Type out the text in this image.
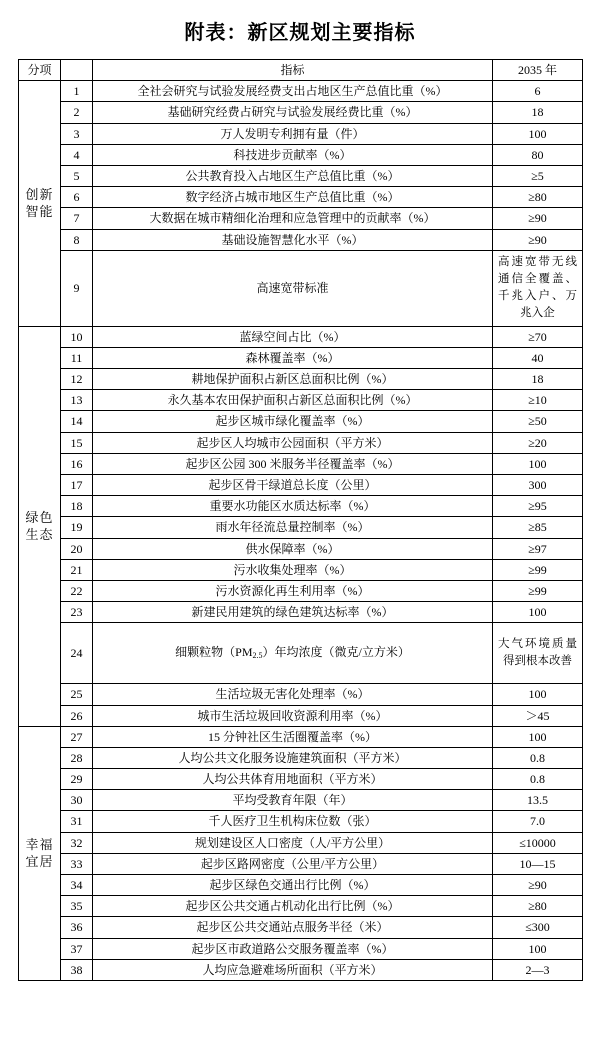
附表：新区规划主要指标
分项		指标	2035 年
创新
智能	1	全社会研究与试验发展经费支出占地区生产总值比重（%）	6
	2	基础研究经费占研究与试验发展经费比重（%）	18
	3	万人发明专利拥有量（件）	100
	4	科技进步贡献率（%）	80
	5	公共教育投入占地区生产总值比重（%）	≥5
	6	数字经济占城市地区生产总值比重（%）	≥80
	7	大数据在城市精细化治理和应急管理中的贡献率（%）	≥90
	8	基础设施智慧化水平（%）	≥90
	9	高速宽带标准	高速宽带无线通信全覆盖、千兆入户、万兆入企
绿色
生态	10	蓝绿空间占比（%）	≥70
	11	森林覆盖率（%）	40
	12	耕地保护面积占新区总面积比例（%）	18
	13	永久基本农田保护面积占新区总面积比例（%）	≥10
	14	起步区城市绿化覆盖率（%）	≥50
	15	起步区人均城市公园面积（平方米）	≥20
	16	起步区公园 300 米服务半径覆盖率（%）	100
	17	起步区骨干绿道总长度（公里）	300
	18	重要水功能区水质达标率（%）	≥95
	19	雨水年径流总量控制率（%）	≥85
	20	供水保障率（%）	≥97
	21	污水收集处理率（%）	≥99
	22	污水资源化再生利用率（%）	≥99
	23	新建民用建筑的绿色建筑达标率（%）	100
	24	细颗粒物$(PM_{2.5})$年均浓度（微克/立方米）	大气环境质量得到根本改善
	25	生活垃圾无害化处理率（%）	100
	26	城市生活垃圾回收资源利用率（%）	＞45
幸福
宜居	27	15 分钟社区生活圈覆盖率（%）	100
	28	人均公共文化服务设施建筑面积（平方米）	0.8
	29	人均公共体育用地面积（平方米）	0.8
	30	平均受教育年限（年）	13.5
	31	千人医疗卫生机构床位数（张）	7.0
	32	规划建设区人口密度（人/平方公里）	≤10000
	33	起步区路网密度（公里/平方公里）	10—15
	34	起步区绿色交通出行比例（%）	≥90
	35	起步区公共交通占机动化出行比例（%）	≥80
	36	起步区公共交通站点服务半径（米）	≤300
	37	起步区市政道路公交服务覆盖率（%）	100
	38	人均应急避难场所面积（平方米）	2—3
